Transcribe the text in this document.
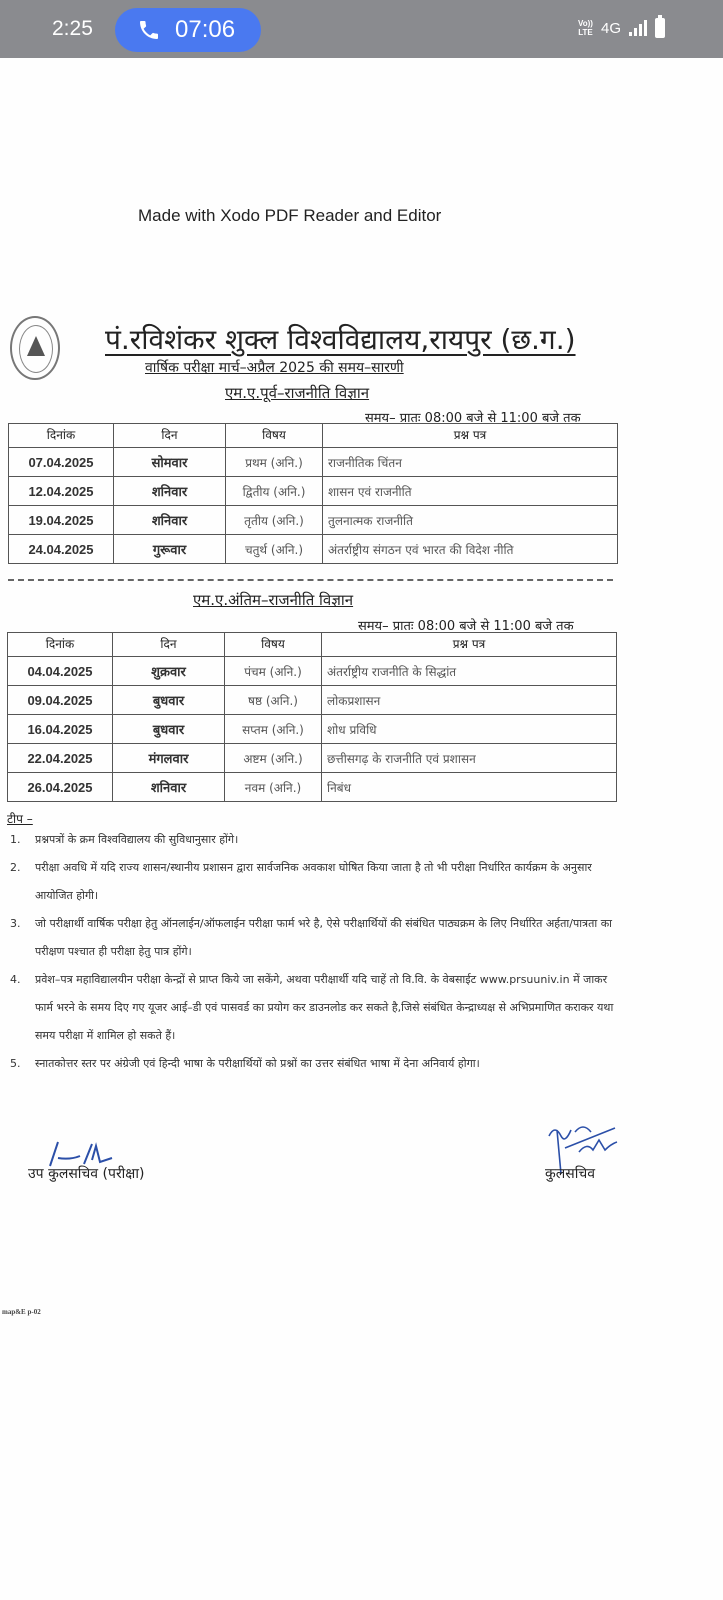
2:25	07:06	Vo))
LTE 4G
Made with Xodo PDF Reader and Editor
पं.रविशंकर शुक्ल विश्वविद्यालय,रायपुर (छ.ग.)
वार्षिक परीक्षा मार्च–अप्रैल 2025 की समय–सारणी
एम.ए.पूर्व–राजनीति विज्ञान
समय– प्रातः 08:00 बजे से 11:00 बजे तक
दिनांक	दिन	विषय	प्रश्न पत्र
07.04.2025	सोमवार	प्रथम (अनि.)	राजनीतिक चिंतन
12.04.2025	शनिवार	द्वितीय (अनि.)	शासन एवं राजनीति
19.04.2025	शनिवार	तृतीय (अनि.)	तुलनात्मक राजनीति
24.04.2025	गुरूवार	चतुर्थ (अनि.)	अंतर्राष्ट्रीय संगठन एवं भारत की विदेश नीति
एम.ए.अंतिम–राजनीति विज्ञान
समय– प्रातः 08:00 बजे से 11:00 बजे तक
दिनांक	दिन	विषय	प्रश्न पत्र
04.04.2025	शुक्रवार	पंचम (अनि.)	अंतर्राष्ट्रीय राजनीति के सिद्धांत
09.04.2025	बुधवार	षष्ठ (अनि.)	लोकप्रशासन
16.04.2025	बुधवार	सप्तम (अनि.)	शोध प्रविधि
22.04.2025	मंगलवार	अष्टम (अनि.)	छत्तीसगढ़ के राजनीति एवं प्रशासन
26.04.2025	शनिवार	नवम (अनि.)	निबंध
टीप –
1.	प्रश्नपत्रों के क्रम विश्वविद्यालय की सुविधानुसार होंगे।
2.	परीक्षा अवधि में यदि राज्य शासन/स्थानीय प्रशासन द्वारा सार्वजनिक अवकाश घोषित किया जाता है तो भी परीक्षा निर्धारित कार्यक्रम के अनुसार आयोजित होगी।
3.	जो परीक्षार्थी वार्षिक परीक्षा हेतु ऑनलाईन/ऑफलाईन परीक्षा फार्म भरे है, ऐसे परीक्षार्थियों की संबंधित पाठ्यक्रम के लिए निर्धारित अर्हता/पात्रता का परीक्षण पश्चात ही परीक्षा हेतु पात्र होंगे।
4.	प्रवेश–पत्र महाविद्यालयीन परीक्षा केन्द्रों से प्राप्त किये जा सकेंगे, अथवा परीक्षार्थी यदि चाहें तो वि.वि. के वेबसाईट www.prsuuniv.in में जाकर फार्म भरने के समय दिए गए यूजर आई–डी एवं पासवर्ड का प्रयोग कर डाउनलोड कर सकते है,जिसे संबंधित केन्द्राध्यक्ष से अभिप्रमाणित कराकर यथा समय परीक्षा में शामिल हो सकते हैं।
5.	स्नातकोत्तर स्तर पर अंग्रेजी एवं हिन्दी भाषा के परीक्षार्थियों को प्रश्नों का उत्तर संबंधित भाषा में देना अनिवार्य होगा।
उप कुलसचिव (परीक्षा)	कुलसचिव
map&E p-02
